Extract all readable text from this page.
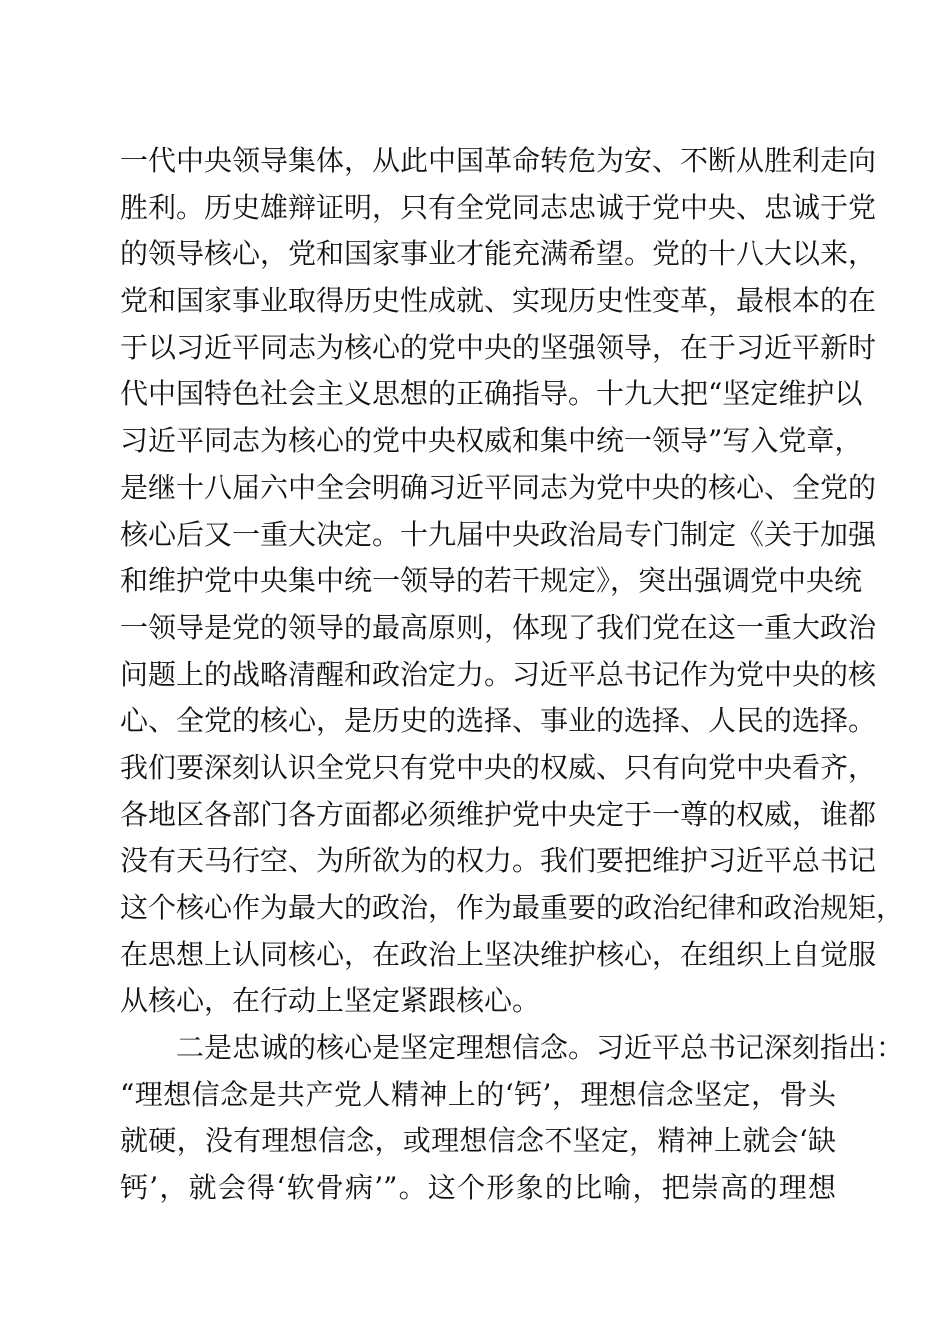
一代中央领导集体，从此中国革命转危为安、不断从胜利走向
胜利。历史雄辩证明，只有全党同志忠诚于党中央、忠诚于党
的领导核心，党和国家事业才能充满希望。党的十八大以来，
党和国家事业取得历史性成就、实现历史性变革，最根本的在
于以习近平同志为核心的党中央的坚强领导，在于习近平新时
代中国特色社会主义思想的正确指导。十九大把“坚定维护以
习近平同志为核心的党中央权威和集中统一领导”写入党章，
是继十八届六中全会明确习近平同志为党中央的核心、全党的
核心后又一重大决定。十九届中央政治局专门制定《关于加强
和维护党中央集中统一领导的若干规定》，突出强调党中央统
一领导是党的领导的最高原则，体现了我们党在这一重大政治
问题上的战略清醒和政治定力。习近平总书记作为党中央的核
心、全党的核心，是历史的选择、事业的选择、人民的选择。
我们要深刻认识全党只有党中央的权威、只有向党中央看齐，
各地区各部门各方面都必须维护党中央定于一尊的权威，谁都
没有天马行空、为所欲为的权力。我们要把维护习近平总书记
这个核心作为最大的政治，作为最重要的政治纪律和政治规矩，
在思想上认同核心，在政治上坚决维护核心，在组织上自觉服
从核心，在行动上坚定紧跟核心。
二是忠诚的核心是坚定理想信念。习近平总书记深刻指出：
“理想信念是共产党人精神上的‘钙’，理想信念坚定，骨头
就硬，没有理想信念，或理想信念不坚定，精神上就会‘缺
钙’，就会得‘软骨病’”。这个形象的比喻，把崇高的理想
